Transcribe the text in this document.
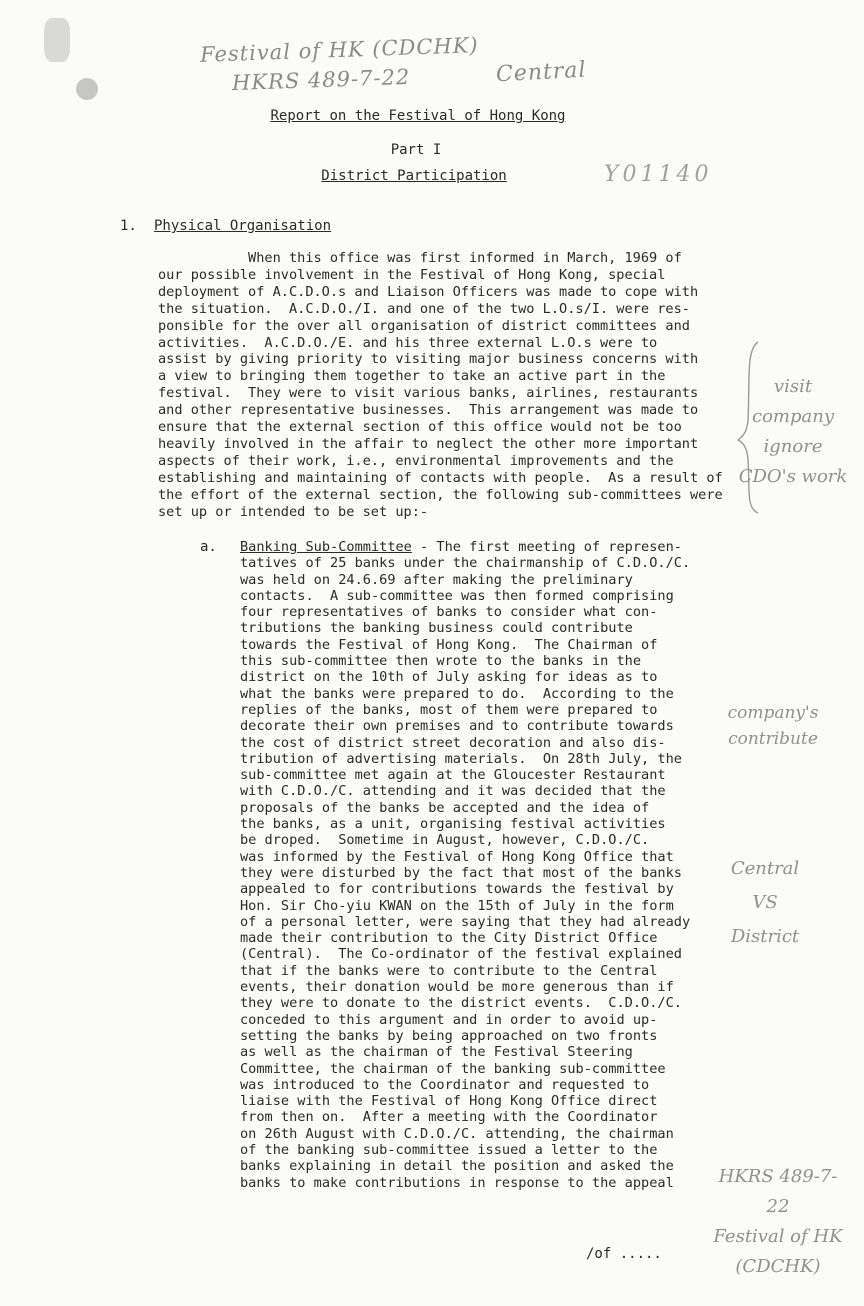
Festival of HK (CDCHK)
HKRS 489-7-22	Central
Y01140
Report on the Festival of Hong Kong
Part I
District Participation
1. Physical Organisation
When this office was first informed in March, 1969 of
our possible involvement in the Festival of Hong Kong, special
deployment of A.C.D.O.s and Liaison Officers was made to cope with
the situation.  A.C.D.O./I. and one of the two L.O.s/I. were res-
ponsible for the over all organisation of district committees and
activities.  A.C.D.O./E. and his three external L.O.s were to
assist by giving priority to visiting major business concerns with
a view to bringing them together to take an active part in the
festival.  They were to visit various banks, airlines, restaurants
and other representative businesses.  This arrangement was made to
ensure that the external section of this office would not be too
heavily involved in the affair to neglect the other more important
aspects of their work, i.e., environmental improvements and the
establishing and maintaining of contacts with people.  As a result of
the effort of the external section, the following sub-committees were
set up or intended to be set up:-
a. Banking Sub-Committee - The first meeting of represen-
tatives of 25 banks under the chairmanship of C.D.O./C.
was held on 24.6.69 after making the preliminary
contacts.  A sub-committee was then formed comprising
four representatives of banks to consider what con-
tributions the banking business could contribute
towards the Festival of Hong Kong.  The Chairman of
this sub-committee then wrote to the banks in the
district on the 10th of July asking for ideas as to
what the banks were prepared to do.  According to the
replies of the banks, most of them were prepared to
decorate their own premises and to contribute towards
the cost of district street decoration and also dis-
tribution of advertising materials.  On 28th July, the
sub-committee met again at the Gloucester Restaurant
with C.D.O./C. attending and it was decided that the
proposals of the banks be accepted and the idea of
the banks, as a unit, organising festival activities
be droped.  Sometime in August, however, C.D.O./C.
was informed by the Festival of Hong Kong Office that
they were disturbed by the fact that most of the banks
appealed to for contributions towards the festival by
Hon. Sir Cho-yiu KWAN on the 15th of July in the form
of a personal letter, were saying that they had already
made their contribution to the City District Office
(Central).  The Co-ordinator of the festival explained
that if the banks were to contribute to the Central
events, their donation would be more generous than if
they were to donate to the district events.  C.D.O./C.
conceded to this argument and in order to avoid up-
setting the banks by being approached on two fronts
as well as the chairman of the Festival Steering
Committee, the chairman of the banking sub-committee
was introduced to the Coordinator and requested to
liaise with the Festival of Hong Kong Office direct
from then on.  After a meeting with the Coordinator
on 26th August with C.D.O./C. attending, the chairman
of the banking sub-committee issued a letter to the
banks explaining in detail the position and asked the
banks to make contributions in response to the appeal
visit
company
ignore
CDO's work
company's
contribute
Central
VS
District
HKRS 489-7-22
Festival of HK
(CDCHK)
/of .....
